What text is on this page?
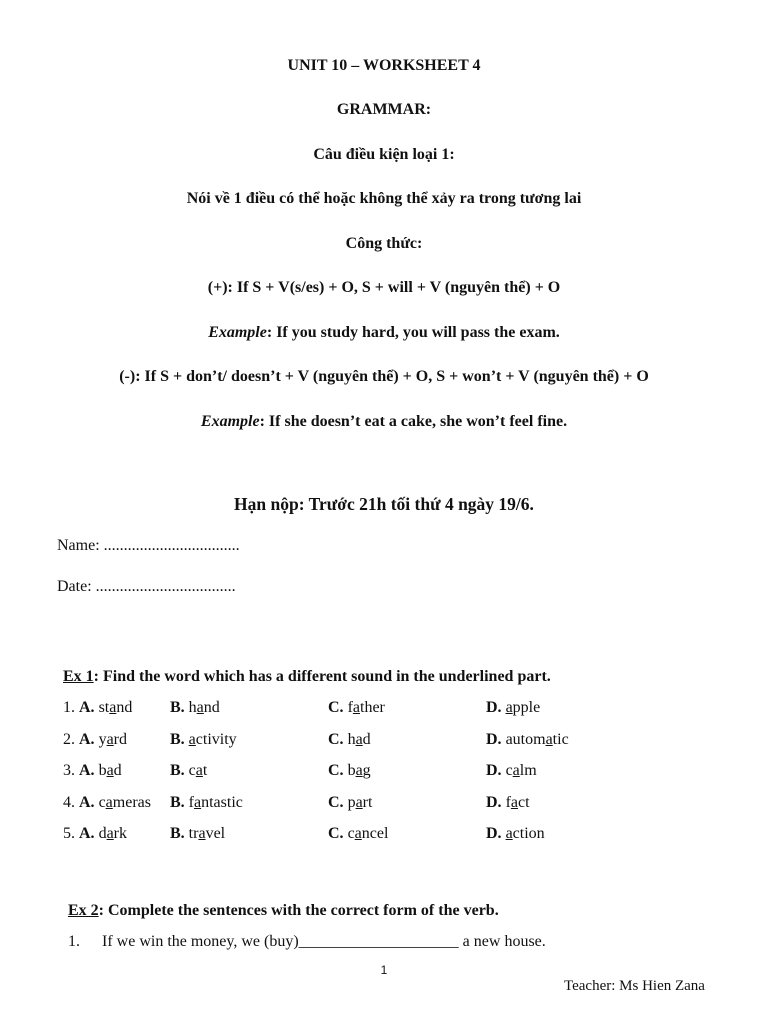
UNIT 10 – WORKSHEET 4
GRAMMAR:
Câu điều kiện loại 1:
Nói về 1 điều có thể hoặc không thể xảy ra trong tương lai
Công thức:
(+): If S + V(s/es) + O, S + will + V (nguyên thể) + O
Example: If you study hard, you will pass the exam.
(-): If S + don’t/ doesn’t + V (nguyên thể) + O, S + won’t + V (nguyên thể) + O
Example: If she doesn’t eat a cake, she won’t feel fine.
Hạn nộp: Trước 21h tối thứ 4 ngày 19/6.
Name: ..................................
Date: ...................................
Ex 1: Find the word which has a different sound in the underlined part.
1. A. stand B. hand	C. father	D. apple
2. A. yard	B. activity	C. had	D. automatic
3. A. bad	B. cat	C. bag	D. calm
4. A. cameras B. fantastic	C. part	D. fact
5. A. dark	B. travel	C. cancel	D. action
Ex 2: Complete the sentences with the correct form of the verb.
1. If we win the money, we (buy)____________________ a new house.
1
Teacher: Ms Hien Zana
